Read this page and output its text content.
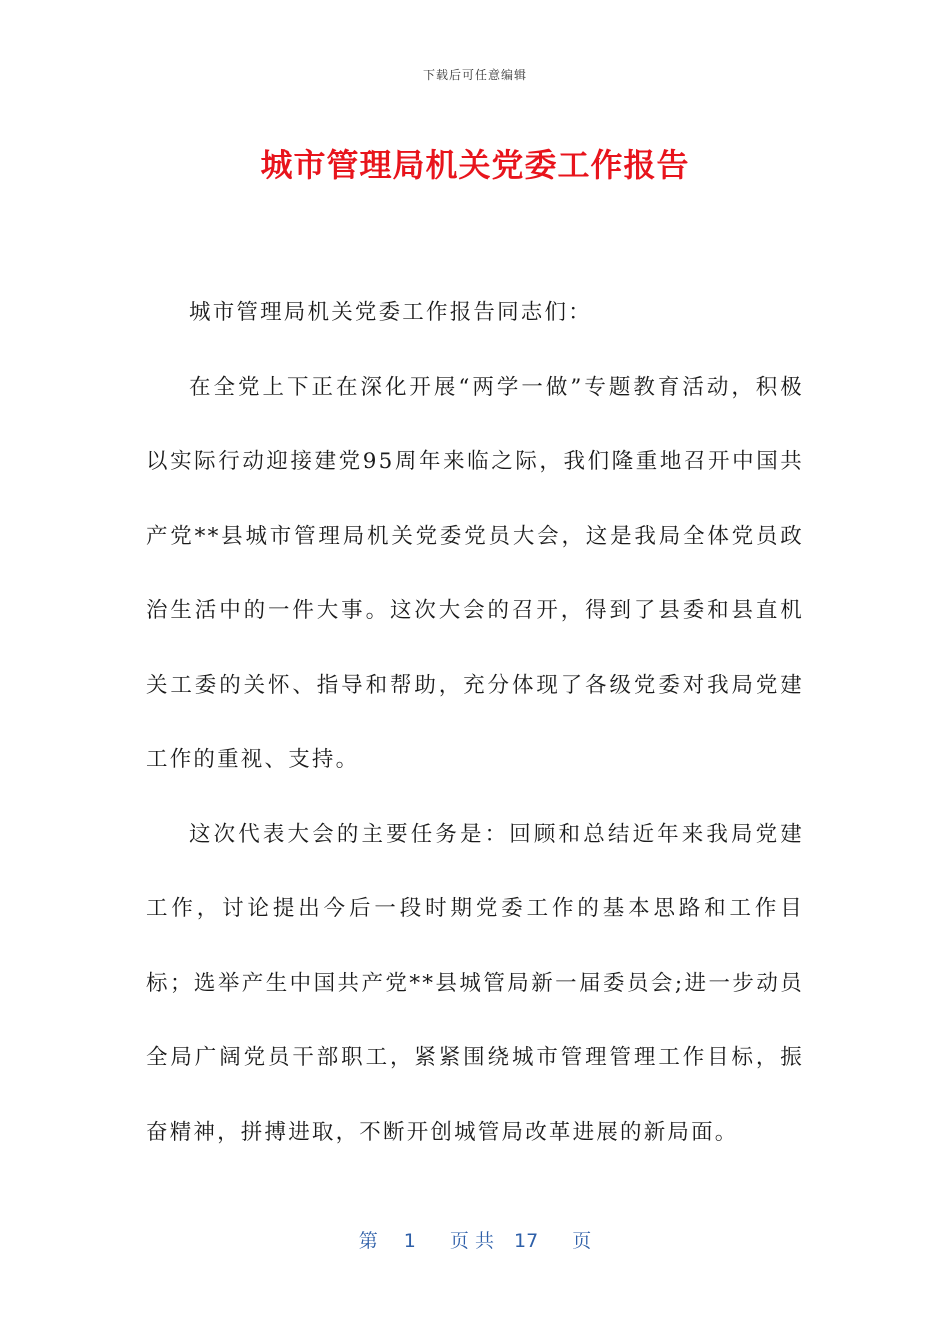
下载后可任意编辑
城市管理局机关党委工作报告

城市管理局机关党委工作报告同志们：

在全党上下正在深化开展“两学一做”专题教育活动，积极以实际行动迎接建党95周年来临之际，我们隆重地召开中国共产党**县城市管理局机关党委党员大会，这是我局全体党员政治生活中的一件大事。这次大会的召开，得到了县委和县直机关工委的关怀、指导和帮助，充分体现了各级党委对我局党建工作的重视、支持。

这次代表大会的主要任务是：回顾和总结近年来我局党建工作，讨论提出今后一段时期党委工作的基本思路和工作目标；选举产生中国共产党**县城管局新一届委员会;进一步动员全局广阔党员干部职工，紧紧围绕城市管理管理工作目标，振奋精神，拼搏进取，不断开创城管局改革进展的新局面。

第 1 页 共 17 页
